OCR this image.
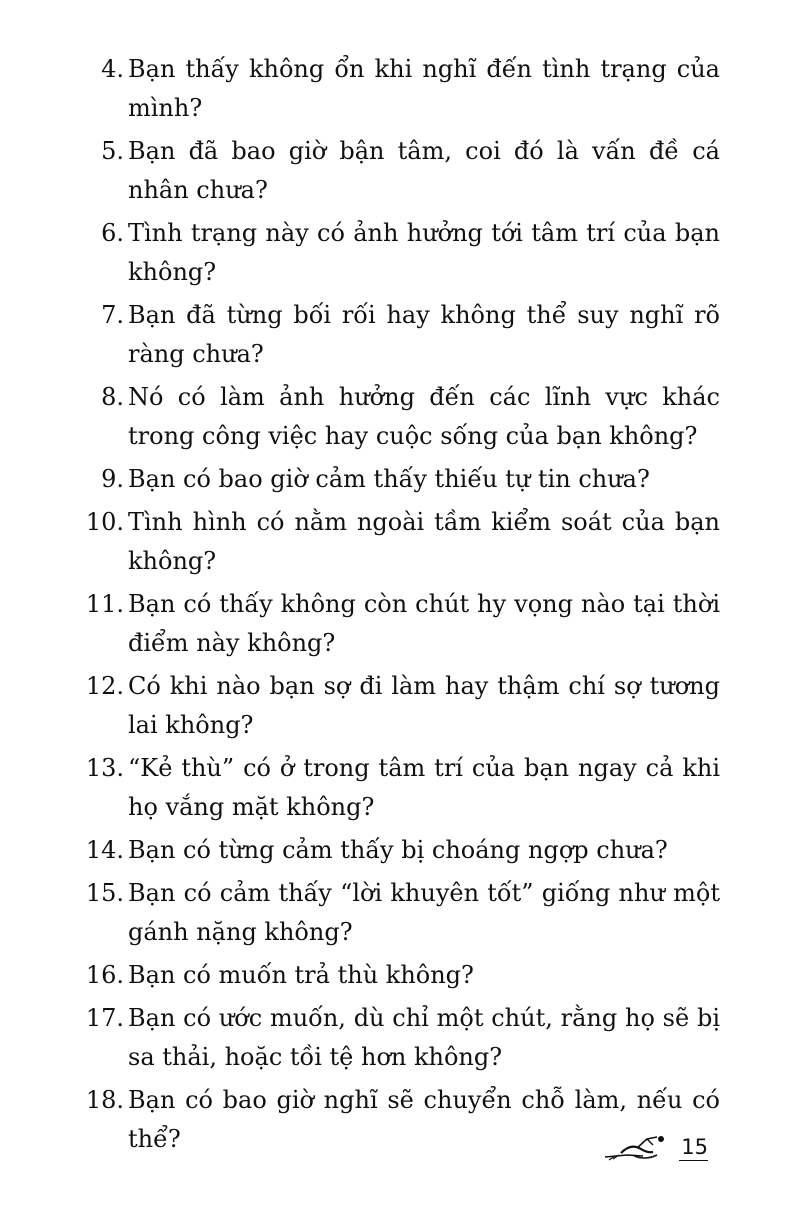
4. Bạn thấy không ổn khi nghĩ đến tình trạng của mình?
5. Bạn đã bao giờ bận tâm, coi đó là vấn đề cá nhân chưa?
6. Tình trạng này có ảnh hưởng tới tâm trí của bạn không?
7. Bạn đã từng bối rối hay không thể suy nghĩ rõ ràng chưa?
8. Nó có làm ảnh hưởng đến các lĩnh vực khác trong công việc hay cuộc sống của bạn không?
9. Bạn có bao giờ cảm thấy thiếu tự tin chưa?
10. Tình hình có nằm ngoài tầm kiểm soát của bạn không?
11. Bạn có thấy không còn chút hy vọng nào tại thời điểm này không?
12. Có khi nào bạn sợ đi làm hay thậm chí sợ tương lai không?
13. “Kẻ thù” có ở trong tâm trí của bạn ngay cả khi họ vắng mặt không?
14. Bạn có từng cảm thấy bị choáng ngợp chưa?
15. Bạn có cảm thấy “lời khuyên tốt” giống như một gánh nặng không?
16. Bạn có muốn trả thù không?
17. Bạn có ước muốn, dù chỉ một chút, rằng họ sẽ bị sa thải, hoặc tồi tệ hơn không?
18. Bạn có bao giờ nghĩ sẽ chuyển chỗ làm, nếu có thể?	15
